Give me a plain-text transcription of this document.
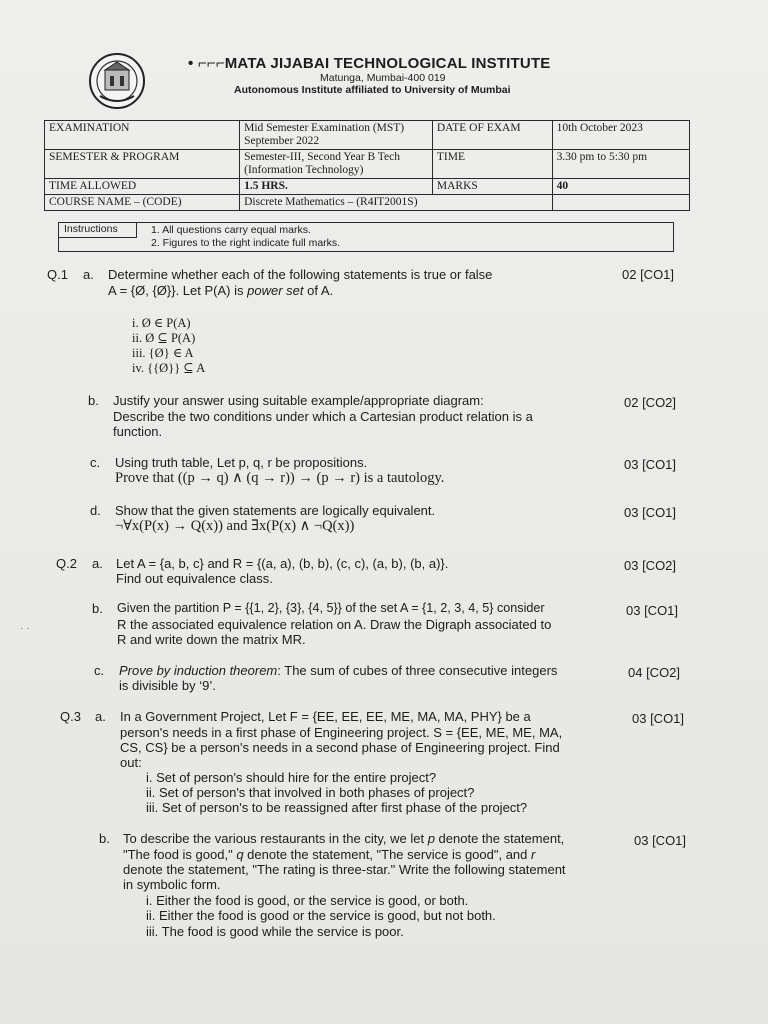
• ⌐⌐⌐MATA JIJABAI TECHNOLOGICAL INSTITUTE
Matunga, Mumbai-400 019
Autonomous Institute affiliated to University of Mumbai
EXAMINATION	Mid Semester Examination (MST) September 2022	DATE OF EXAM	10th October 2023
SEMESTER & PROGRAM	Semester-III, Second Year B Tech (Information Technology)	TIME	3.30 pm to 5:30 pm
TIME ALLOWED	1.5 HRS.	MARKS	40
COURSE NAME – (CODE)	Discrete Mathematics – (R4IT2001S)		
Instructions	1. All questions carry equal marks.
2. Figures to the right indicate full marks.
Q.1 a. Determine whether each of the following statements is true or false
A = {Ø, {Ø}}. Let P(A) is power set of A.
02 [CO1]
i. Ø ∈ P(A)
ii. Ø ⊆ P(A)
iii. {Ø} ∈ A
iv. {{Ø}} ⊆ A
b. Justify your answer using suitable example/appropriate diagram:
Describe the two conditions under which a Cartesian product relation is a
function.
02 [CO2]
c. Using truth table, Let p, q, r be propositions.
Prove that ((p → q) ∧ (q → r)) → (p → r) is a tautology.
03 [CO1]
d. Show that the given statements are logically equivalent.
¬∀x(P(x) → Q(x)) and ∃x(P(x) ∧ ¬Q(x))
03 [CO1]
Q.2 a. Let A = {a, b, c} and R = {(a, a), (b, b), (c, c), (a, b), (b, a)}.
Find out equivalence class.
03 [CO2]
· ·
b. Given the partition P = {{1, 2}, {3}, {4, 5}} of the set A = {1, 2, 3, 4, 5} consider
R the associated equivalence relation on A. Draw the Digraph associated to
R and write down the matrix MR.
03 [CO1]
c. Prove by induction theorem: The sum of cubes of three consecutive integers
is divisible by ‘9’.
04 [CO2]
Q.3 a. In a Government Project, Let F = {EE, EE, EE, ME, MA, MA, PHY} be a
person's needs in a first phase of Engineering project. S = {EE, ME, ME, MA,
CS, CS} be a person's needs in a second phase of Engineering project. Find
out:
i. Set of person's should hire for the entire project?
ii. Set of person's that involved in both phases of project?
iii. Set of person's to be reassigned after first phase of the project?
03 [CO1]
b. To describe the various restaurants in the city, we let p denote the statement,
"The food is good," q denote the statement, "The service is good", and r
denote the statement, "The rating is three-star." Write the following statement
in symbolic form.
i. Either the food is good, or the service is good, or both.
ii. Either the food is good or the service is good, but not both.
iii. The food is good while the service is poor.
03 [CO1]
